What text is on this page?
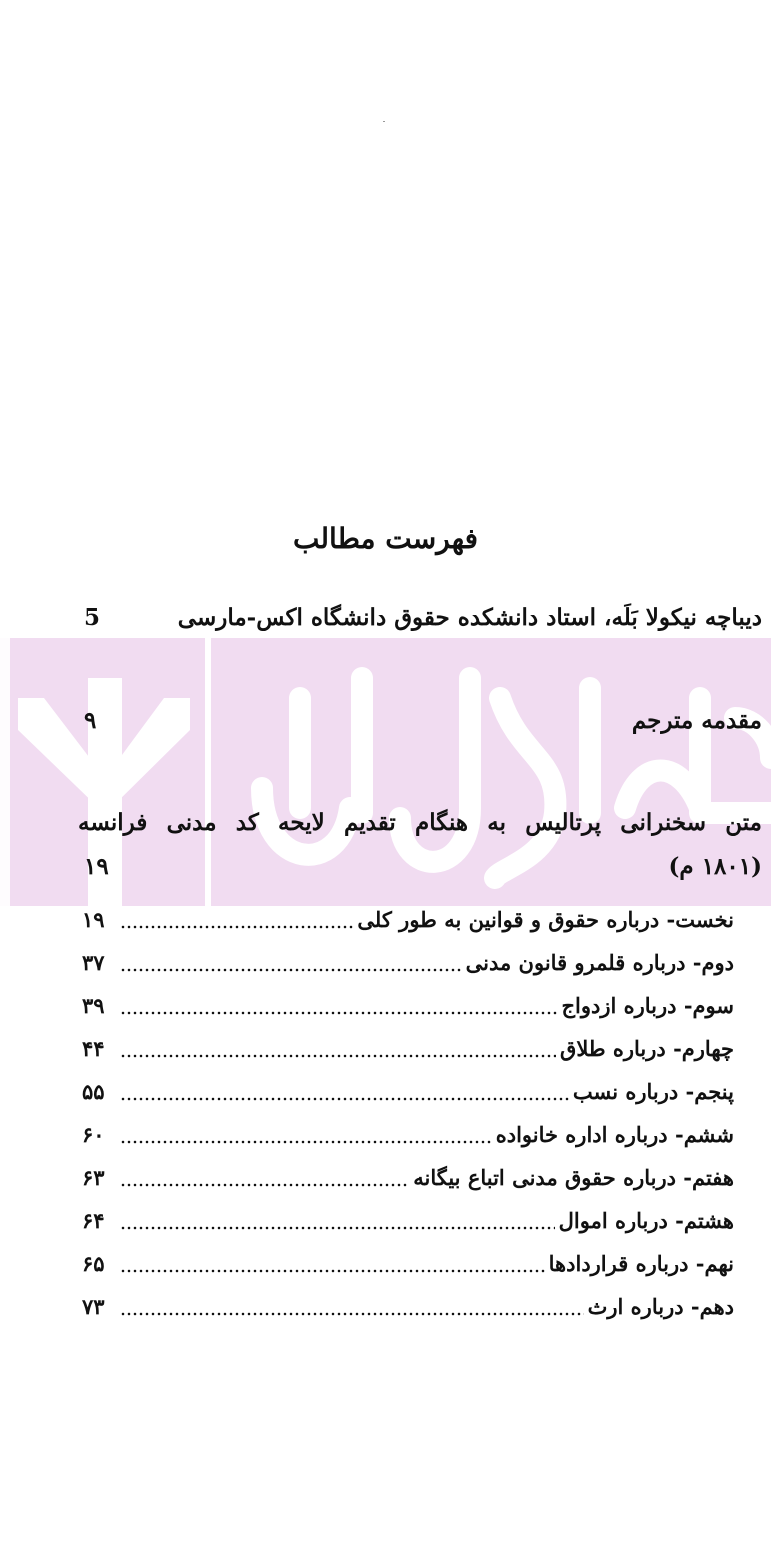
فهرست مطالب
دیباچه نیکولا بَلَه، استاد دانشکده حقوق دانشگاه اکس-مارسی
5
مقدمه مترجم
۹
متن سخنرانی پرتالیس به هنگام تقدیم لایحه کد مدنی فرانسه
(۱۸۰۱ م)
۱۹
نخست- درباره حقوق و قوانین به طور کلی
۱۹
دوم- درباره قلمرو قانون مدنی
۳۷
سوم- درباره ازدواج
۳۹
چهارم- درباره طلاق
۴۴
پنجم- درباره نسب
۵۵
ششم- درباره اداره خانواده
۶۰
هفتم- درباره حقوق مدنی اتباع بیگانه
۶۳
هشتم- درباره اموال
۶۴
نهم- درباره قراردادها
۶۵
دهم- درباره ارث
۷۳
